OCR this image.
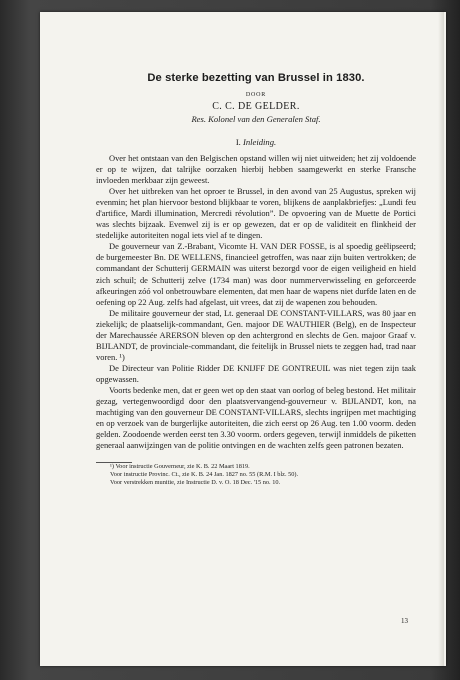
De sterke bezetting van Brussel in 1830.
DOOR
C. C. DE GELDER.
Res. Kolonel van den Generalen Staf.
I. Inleiding.

Over het ontstaan van den Belgischen opstand willen wij niet uitweiden; het zij voldoende er op te wijzen, dat talrijke oorzaken hierbij hebben saamgewerkt en sterke Fransche invloeden merkbaar zijn geweest.

Over het uitbreken van het oproer te Brussel, in den avond van 25 Augustus, spreken wij evenmin; het plan hiervoor bestond blijkbaar te voren, blijkens de aanplakbriefjes: „Lundi feu d'artifice, Mardi illumination, Mercredi révolution”. De opvoering van de Muette de Portici was slechts bijzaak. Evenwel zij is er op gewezen, dat er op de validiteit en flinkheid der stedelijke autoriteiten nogal iets viel af te dingen.

De gouverneur van Z.-Brabant, Vicomte H. VAN DER FOSSE, is al spoedig geëlipseerd; de burgemeester Bn. DE WELLENS, financieel getroffen, was naar zijn buiten vertrokken; de commandant der Schutterij GERMAIN was uiterst bezorgd voor de eigen veiligheid en hield zich schuil; de Schutterij zelve (1734 man) was door nummerverwisseling en geforceerde afkeuringen zóó vol onbetrouwbare elementen, dat men haar de wapens niet durfde laten en de oefening op 22 Aug. zelfs had afgelast, uit vrees, dat zij de wapenen zou behouden.

De militaire gouverneur der stad, Lt. generaal DE CONSTANT-VILLARS, was 80 jaar en ziekelijk; de plaatselijk-commandant, Gen. majoor DE WAUTHIER (Belg), en de Inspecteur der Marechaussée ARERSON bleven op den achtergrond en slechts de Gen. majoor Graaf v. BIJLANDT, de provinciale-commandant, die feitelijk in Brussel niets te zeggen had, trad naar voren. ¹)

De Directeur van Politie Ridder DE KNIJFF DE GONTREUIL was niet tegen zijn taak opgewassen.

Voorts bedenke men, dat er geen wet op den staat van oorlog of beleg bestond. Het militair gezag, vertegenwoordigd door den plaatsvervangend-gouverneur v. BIJLANDT, kon, na machtiging van den gouverneur DE CONSTANT-VILLARS, slechts ingrijpen met machtiging en op verzoek van de burgerlijke autoriteiten, die zich eerst op 26 Aug. ten 1.00 voorm. deden gelden. Zoodoende werden eerst ten 3.30 voorm. orders gegeven, terwijl inmiddels de piketten generaal aanwijzingen van de politie ontvingen en de wachten zelfs geen patronen bezaten.

¹) Voor instructie Gouverneur, zie K. B. 22 Maart 1819.
Voor instructie Provinc. Ct., zie K. B. 24 Jan. 1827 no. 55 (R.M. I blz. 50).
Voor verstrekken munitie, zie Instructie D. v. O. 18 Dec. '15 no. 10.
13
